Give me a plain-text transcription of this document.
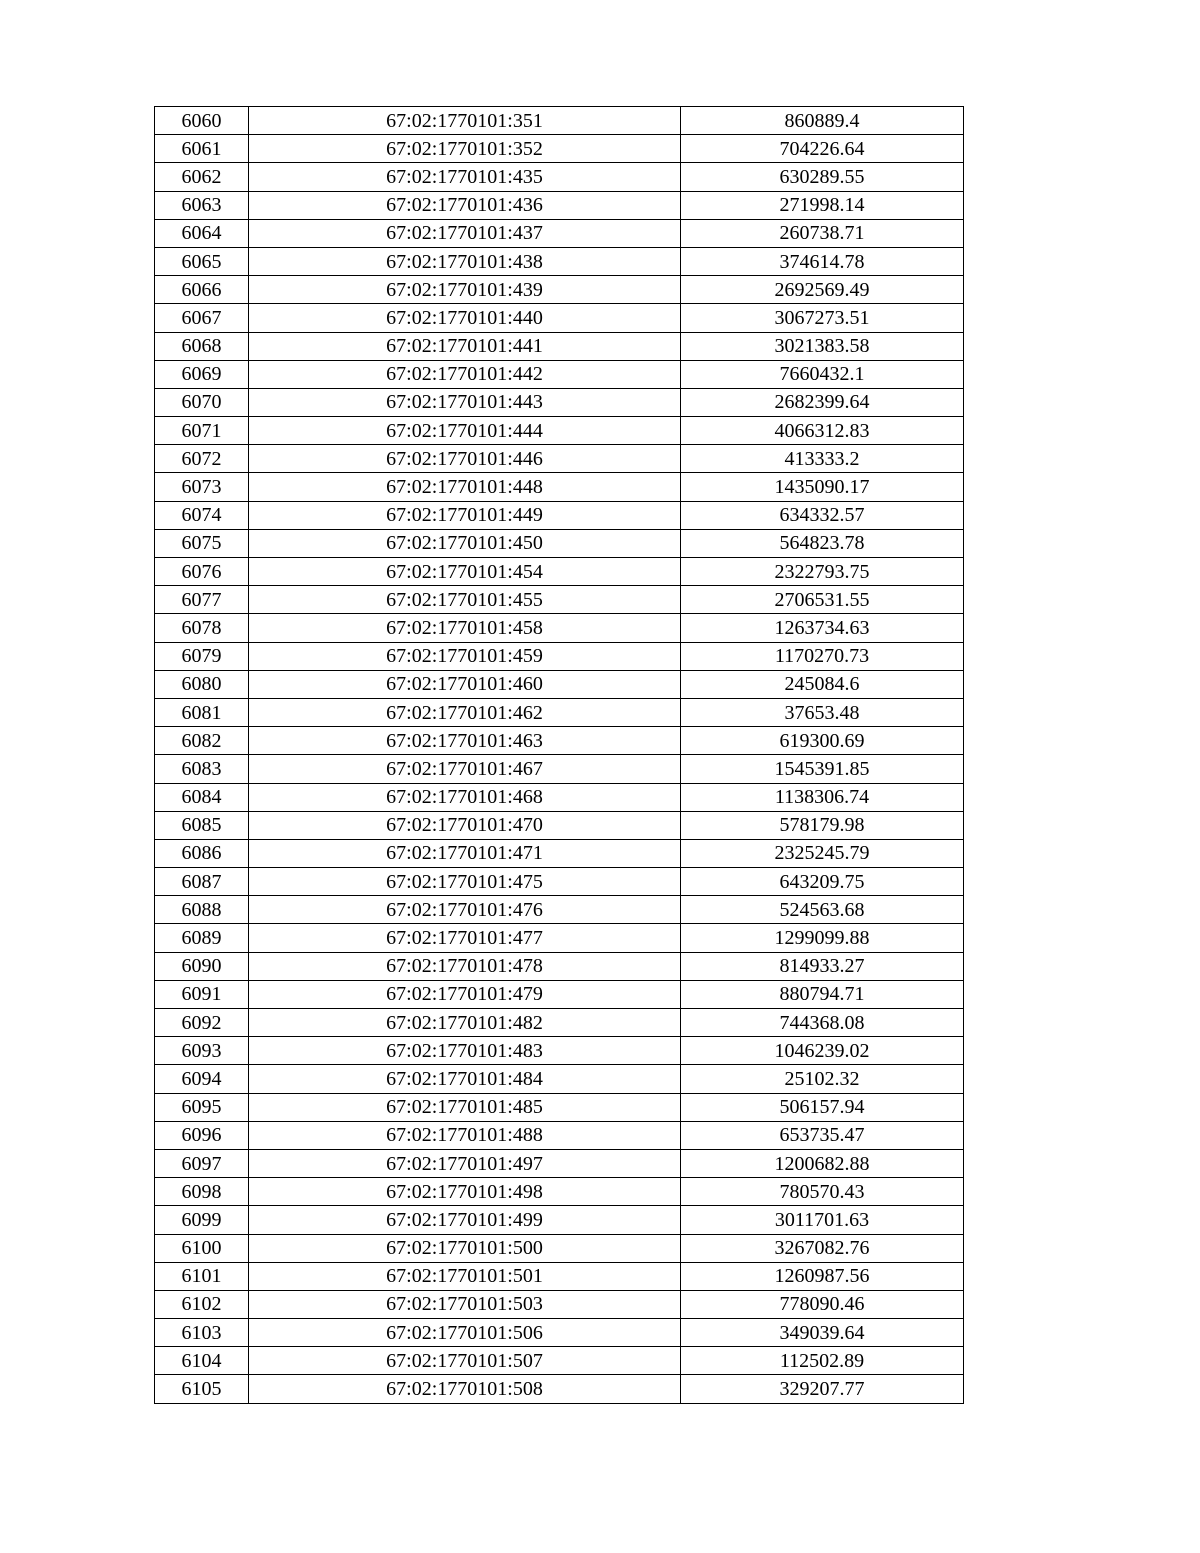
6060	67:02:1770101:351	860889.4
6061	67:02:1770101:352	704226.64
6062	67:02:1770101:435	630289.55
6063	67:02:1770101:436	271998.14
6064	67:02:1770101:437	260738.71
6065	67:02:1770101:438	374614.78
6066	67:02:1770101:439	2692569.49
6067	67:02:1770101:440	3067273.51
6068	67:02:1770101:441	3021383.58
6069	67:02:1770101:442	7660432.1
6070	67:02:1770101:443	2682399.64
6071	67:02:1770101:444	4066312.83
6072	67:02:1770101:446	413333.2
6073	67:02:1770101:448	1435090.17
6074	67:02:1770101:449	634332.57
6075	67:02:1770101:450	564823.78
6076	67:02:1770101:454	2322793.75
6077	67:02:1770101:455	2706531.55
6078	67:02:1770101:458	1263734.63
6079	67:02:1770101:459	1170270.73
6080	67:02:1770101:460	245084.6
6081	67:02:1770101:462	37653.48
6082	67:02:1770101:463	619300.69
6083	67:02:1770101:467	1545391.85
6084	67:02:1770101:468	1138306.74
6085	67:02:1770101:470	578179.98
6086	67:02:1770101:471	2325245.79
6087	67:02:1770101:475	643209.75
6088	67:02:1770101:476	524563.68
6089	67:02:1770101:477	1299099.88
6090	67:02:1770101:478	814933.27
6091	67:02:1770101:479	880794.71
6092	67:02:1770101:482	744368.08
6093	67:02:1770101:483	1046239.02
6094	67:02:1770101:484	25102.32
6095	67:02:1770101:485	506157.94
6096	67:02:1770101:488	653735.47
6097	67:02:1770101:497	1200682.88
6098	67:02:1770101:498	780570.43
6099	67:02:1770101:499	3011701.63
6100	67:02:1770101:500	3267082.76
6101	67:02:1770101:501	1260987.56
6102	67:02:1770101:503	778090.46
6103	67:02:1770101:506	349039.64
6104	67:02:1770101:507	112502.89
6105	67:02:1770101:508	329207.77
